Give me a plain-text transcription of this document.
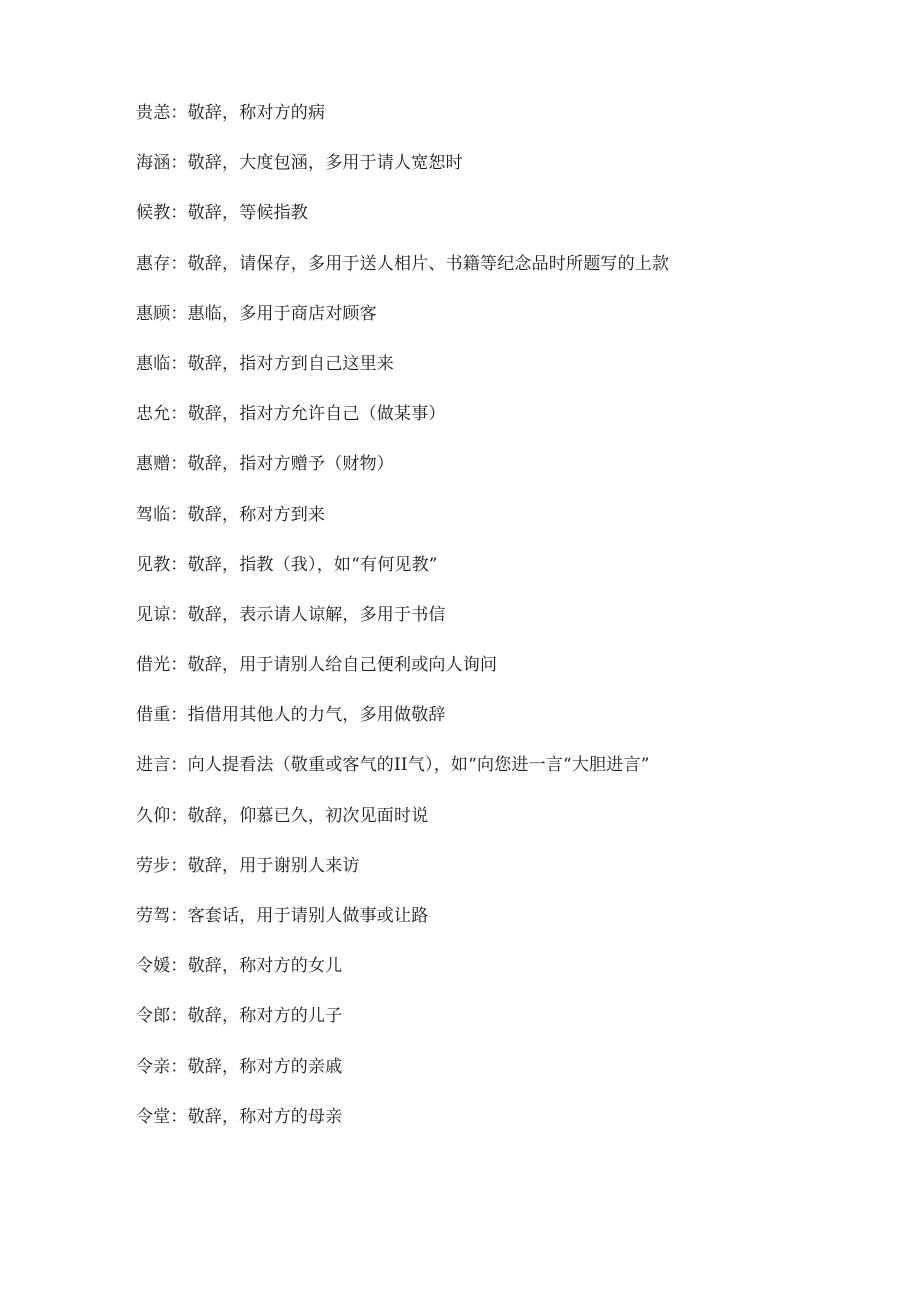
贵恙：敬辞，称对方的病
海涵：敬辞，大度包涵，多用于请人宽恕时
候教：敬辞，等候指教
惠存：敬辞，请保存，多用于送人相片、书籍等纪念品时所题写的上款
惠顾：惠临，多用于商店对顾客
惠临：敬辞，指对方到自己这里来
忠允：敬辞，指对方允许自己（做某事）
惠赠：敬辞，指对方赠予（财物）
驾临：敬辞，称对方到来
见教：敬辞，指教（我），如“有何见教”
见谅：敬辞，表示请人谅解，多用于书信
借光：敬辞，用于请别人给自己便利或向人询问
借重：指借用其他人的力气，多用做敬辞
进言：向人提看法（敬重或客气的II气），如“向您进一言“大胆进言”
久仰：敬辞，仰慕已久，初次见面时说
劳步：敬辞，用于谢别人来访
劳驾：客套话，用于请别人做事或让路
令媛：敬辞，称对方的女儿
令郎：敬辞，称对方的儿子
令亲：敬辞，称对方的亲戚
令堂：敬辞，称对方的母亲
